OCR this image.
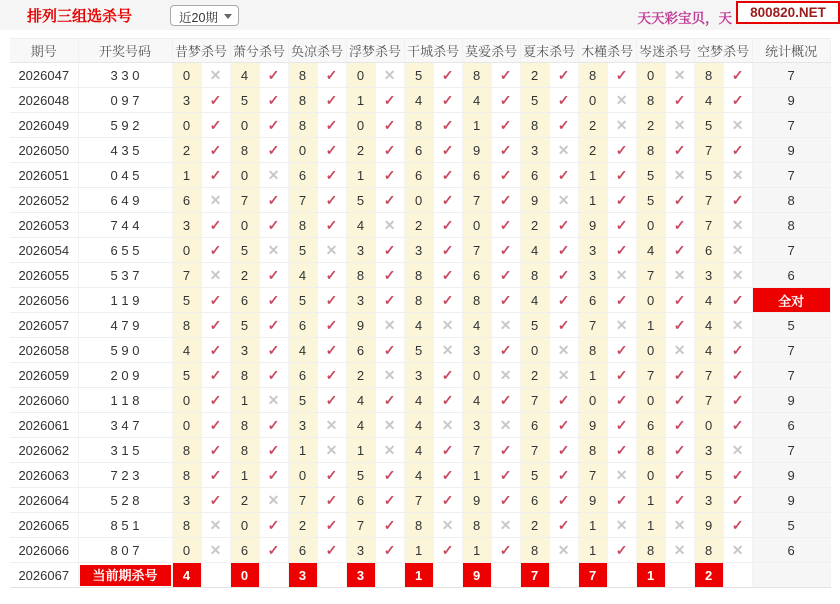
排列三组选杀号	近20期	天天彩宝贝，天 800820.NET
期号	开奖号码	昔梦杀号		萧兮杀号		奂凉杀号		浮梦杀号		干城杀号		莫爱杀号		夏末杀号		木槿杀号		岑迷杀号		空梦杀号		统计概况
2026047	3 3 0	0	✕	4	✓	8	✓	0	✕	5	✓	8	✓	2	✓	8	✓	0	✕	8	✓	7
2026048	0 9 7	3	✓	5	✓	8	✓	1	✓	4	✓	4	✓	5	✓	0	✕	8	✓	4	✓	9
2026049	5 9 2	0	✓	0	✓	8	✓	0	✓	8	✓	1	✓	8	✓	2	✕	2	✕	5	✕	7
2026050	4 3 5	2	✓	8	✓	0	✓	2	✓	6	✓	9	✓	3	✕	2	✓	8	✓	7	✓	9
2026051	0 4 5	1	✓	0	✕	6	✓	1	✓	6	✓	6	✓	6	✓	1	✓	5	✕	5	✕	7
2026052	6 4 9	6	✕	7	✓	7	✓	5	✓	0	✓	7	✓	9	✕	1	✓	5	✓	7	✓	8
2026053	7 4 4	3	✓	0	✓	8	✓	4	✕	2	✓	0	✓	2	✓	9	✓	0	✓	7	✕	8
2026054	6 5 5	0	✓	5	✕	5	✕	3	✓	3	✓	7	✓	4	✓	3	✓	4	✓	6	✕	7
2026055	5 3 7	7	✕	2	✓	4	✓	8	✓	8	✓	6	✓	8	✓	3	✕	7	✕	3	✕	6
2026056	1 1 9	5	✓	6	✓	5	✓	3	✓	8	✓	8	✓	4	✓	6	✓	0	✓	4	✓	全对
2026057	4 7 9	8	✓	5	✓	6	✓	9	✕	4	✕	4	✕	5	✓	7	✕	1	✓	4	✕	5
2026058	5 9 0	4	✓	3	✓	4	✓	6	✓	5	✕	3	✓	0	✕	8	✓	0	✕	4	✓	7
2026059	2 0 9	5	✓	8	✓	6	✓	2	✕	3	✓	0	✕	2	✕	1	✓	7	✓	7	✓	7
2026060	1 1 8	0	✓	1	✕	5	✓	4	✓	4	✓	4	✓	7	✓	0	✓	0	✓	7	✓	9
2026061	3 4 7	0	✓	8	✓	3	✕	4	✕	4	✕	3	✕	6	✓	9	✓	6	✓	0	✓	6
2026062	3 1 5	8	✓	8	✓	1	✕	1	✕	4	✓	7	✓	7	✓	8	✓	8	✓	3	✕	7
2026063	7 2 3	8	✓	1	✓	0	✓	5	✓	4	✓	1	✓	5	✓	7	✕	0	✓	5	✓	9
2026064	5 2 8	3	✓	2	✕	7	✓	6	✓	7	✓	9	✓	6	✓	9	✓	1	✓	3	✓	9
2026065	8 5 1	8	✕	0	✓	2	✓	7	✓	8	✕	8	✕	2	✓	1	✕	1	✕	9	✓	5
2026066	8 0 7	0	✕	6	✓	6	✓	3	✓	1	✓	1	✓	8	✕	1	✓	8	✕	8	✕	6
2026067	当前期杀号	4		0		3		3		1		9		7		7		1		2		
